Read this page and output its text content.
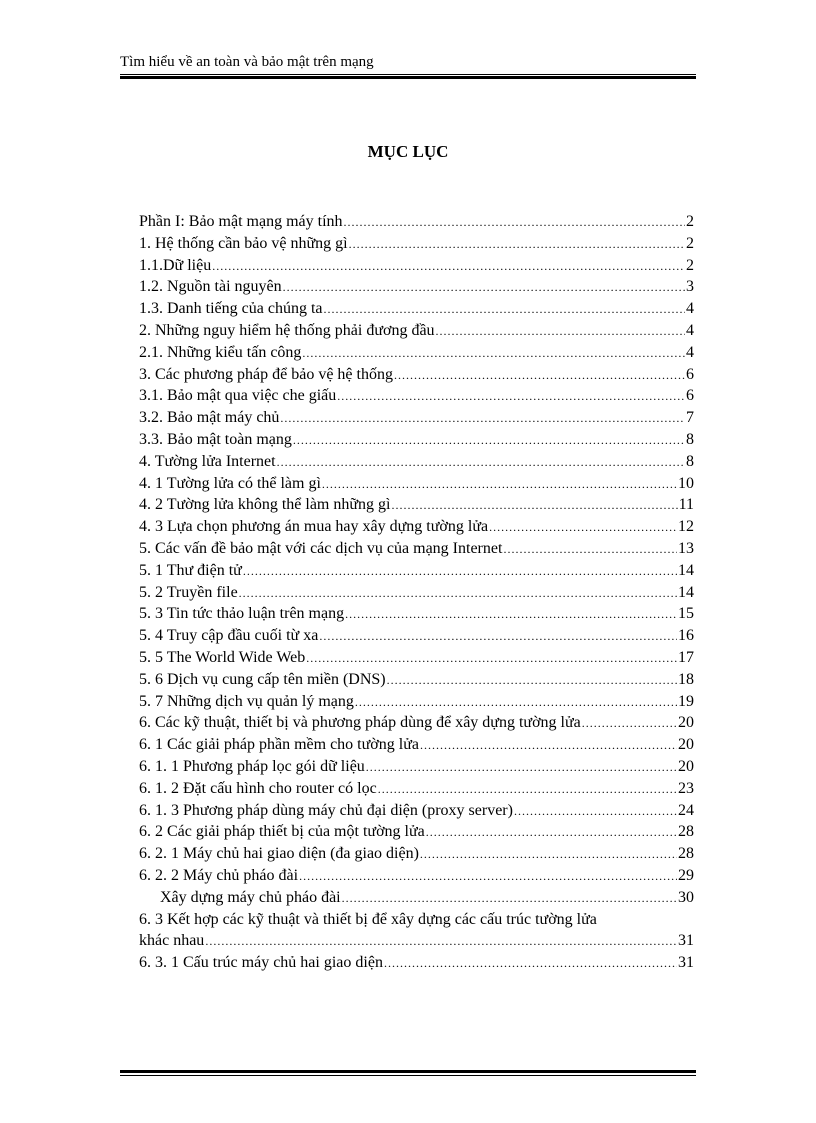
Tìm hiểu về an toàn và bảo mật trên mạng
MỤC LỤC
Phần I: Bảo mật mạng máy tính .....	2
1. Hệ thống cần bảo vệ những gì .....	2
1.1.Dữ liệu .....	2
1.2. Nguồn tài nguyên .....	3
1.3. Danh tiếng của chúng ta .....	4
2. Những nguy hiểm hệ thống phải đương đầu .....	4
2.1. Những kiểu tấn công .....	4
3. Các phương pháp để bảo vệ hệ thống .....	6
3.1. Bảo mật qua việc che giấu .....	6
3.2. Bảo mật máy chủ .....	7
3.3. Bảo mật toàn mạng .....	8
4. Tường lửa Internet .....	8
4. 1 Tường lửa có thể làm gì .....	10
4. 2 Tường lửa không thể làm những gì .....	11
4. 3 Lựa chọn phương án mua hay xây dựng tường lửa .....	12
5. Các vấn đề bảo mật với các dịch vụ của mạng Internet .....	13
5. 1 Thư điện tử .....	14
5. 2 Truyền file .....	14
5. 3 Tin tức thảo luận trên mạng .....	15
5. 4 Truy cập đầu cuối từ xa .....	16
5. 5 The World Wide Web .....	17
5. 6 Dịch vụ cung cấp tên miền (DNS) .....	18
5. 7 Những dịch vụ quản lý mạng .....	19
6. Các kỹ thuật, thiết bị và phương pháp dùng để xây dựng tường lửa .....	20
6. 1 Các giải pháp phần mềm cho tường lửa .....	20
6. 1. 1 Phương pháp lọc gói dữ liệu .....	20
6. 1. 2 Đặt cấu hình cho router có lọc .....	23
6. 1. 3 Phương pháp dùng máy chủ đại diện (proxy server) .....	24
6. 2 Các giải pháp thiết bị của một tường lửa .....	28
6. 2. 1 Máy chủ hai giao diện (đa giao diện) .....	28
6. 2. 2 Máy chủ pháo đài .....	29
Xây dựng máy chủ pháo đài .....	30
6. 3 Kết hợp các kỹ thuật và thiết bị để xây dựng các cấu trúc tường lửa
khác nhau .....	31
6. 3. 1 Cấu trúc máy chủ hai giao diện .....	31
